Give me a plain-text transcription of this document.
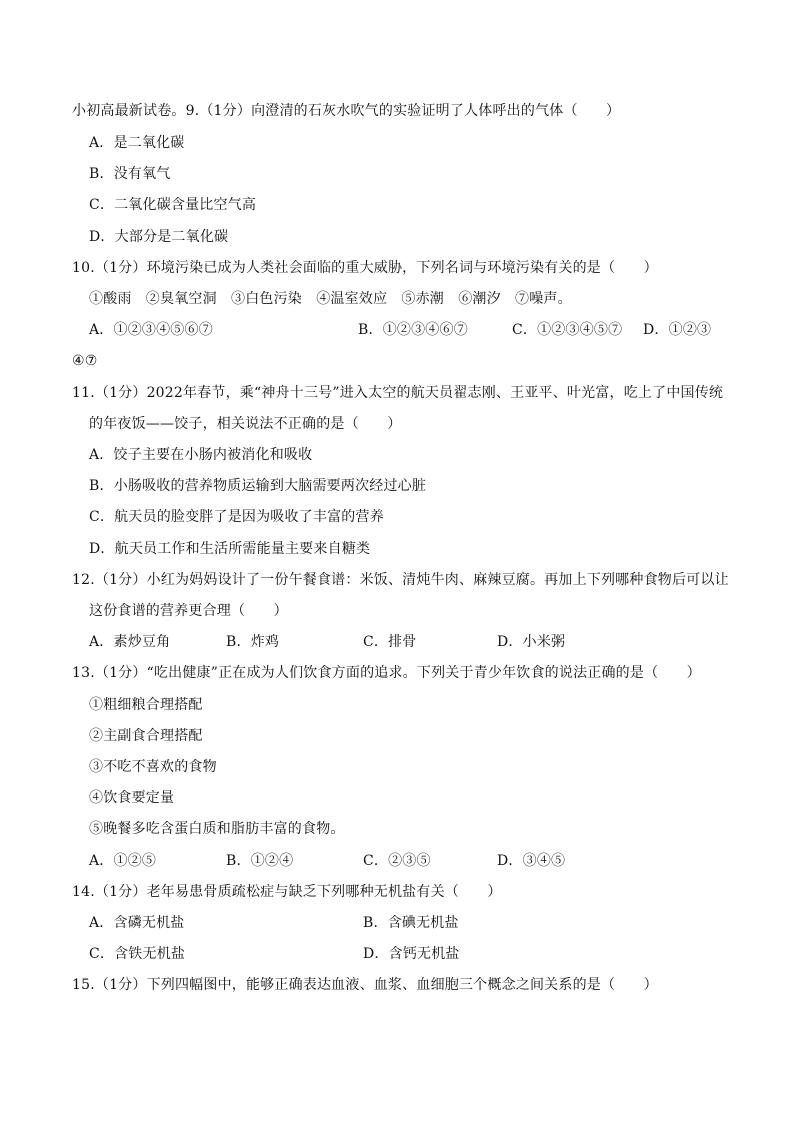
小初高最新试卷。9.（1分）向澄清的石灰水吹气的实验证明了人体呼出的气体（　　）
A．是二氧化碳
B．没有氧气
C．二氧化碳含量比空气高
D．大部分是二氧化碳
10.（1分）环境污染已成为人类社会面临的重大威胁，下列名词与环境污染有关的是（　　）
①酸雨　②臭氧空洞　③白色污染　④温室效应　⑤赤潮　⑥潮汐　⑦噪声。
A．①②③④⑤⑥⑦	B．①②③④⑥⑦	C．①②③④⑤⑦ D．①②③
④⑦
11.（1分）2022年春节，乘“神舟十三号”进入太空的航天员翟志刚、王亚平、叶光富，吃上了中国传统
的年夜饭——饺子，相关说法不正确的是（　　）
A．饺子主要在小肠内被消化和吸收
B．小肠吸收的营养物质运输到大脑需要两次经过心脏
C．航天员的脸变胖了是因为吸收了丰富的营养
D．航天员工作和生活所需能量主要来自糖类
12.（1分）小红为妈妈设计了一份午餐食谱：米饭、清炖牛肉、麻辣豆腐。再加上下列哪种食物后可以让
这份食谱的营养更合理（　　）
A．素炒豆角	B．炸鸡	C．排骨	D．小米粥
13.（1分）“吃出健康”正在成为人们饮食方面的追求。下列关于青少年饮食的说法正确的是（　　）
①粗细粮合理搭配
②主副食合理搭配
③不吃不喜欢的食物
④饮食要定量
⑤晚餐多吃含蛋白质和脂肪丰富的食物。
A．①②⑤	B．①②④	C．②③⑤	D．③④⑤
14.（1分）老年易患骨质疏松症与缺乏下列哪种无机盐有关（　　）
A．含磷无机盐	B．含碘无机盐
C．含铁无机盐	D．含钙无机盐
15.（1分）下列四幅图中，能够正确表达血液、血浆、血细胞三个概念之间关系的是（　　）
